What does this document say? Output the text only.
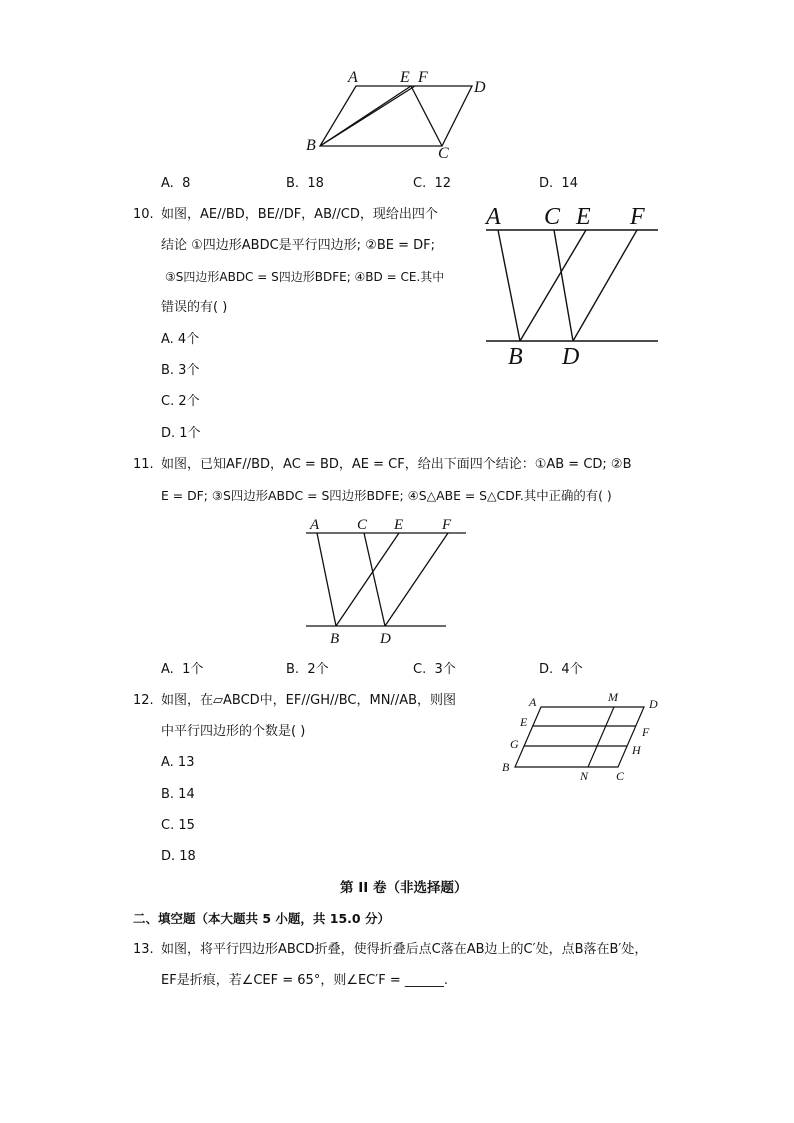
A	E F
D
B	C
A. 8	B. 18	C. 12	D. 14
10. 如图，AE//BD，BE//DF，AB//CD，现给出四个
结论 ①四边形ABDC是平行四边形; ②BE = DF;
③S四边形ABDC = S四边形BDFE; ④BD = CE.其中
错误的有( )
A. 4个
B. 3个
C. 2个
D. 1个
A C E F
B D
11. 如图，已知AF//BD，AC = BD，AE = CF，给出下面四个结论：①AB = CD; ②B
E = DF; ③S四边形ABDC = S四边形BDFE; ④S△ABE = S△CDF.其中正确的有( )
A	C E	F
B	D
A. 1个	B. 2个	C. 3个	D. 4个
12. 如图，在▱ABCD中，EF//GH//BC，MN//AB，则图
中平行四边形的个数是( )
A. 13
B. 14
C. 15
D. 18
A	M	D
E
F
G	H
B
N C
第 II 卷（非选择题）
二、填空题（本大题共 5 小题，共 15.0 分）
13. 如图，将平行四边形ABCD折叠，使得折叠后点C落在AB边上的C′处，点B落在B′处，
EF是折痕，若∠CEF = 65°，则∠EC′F = ______.
